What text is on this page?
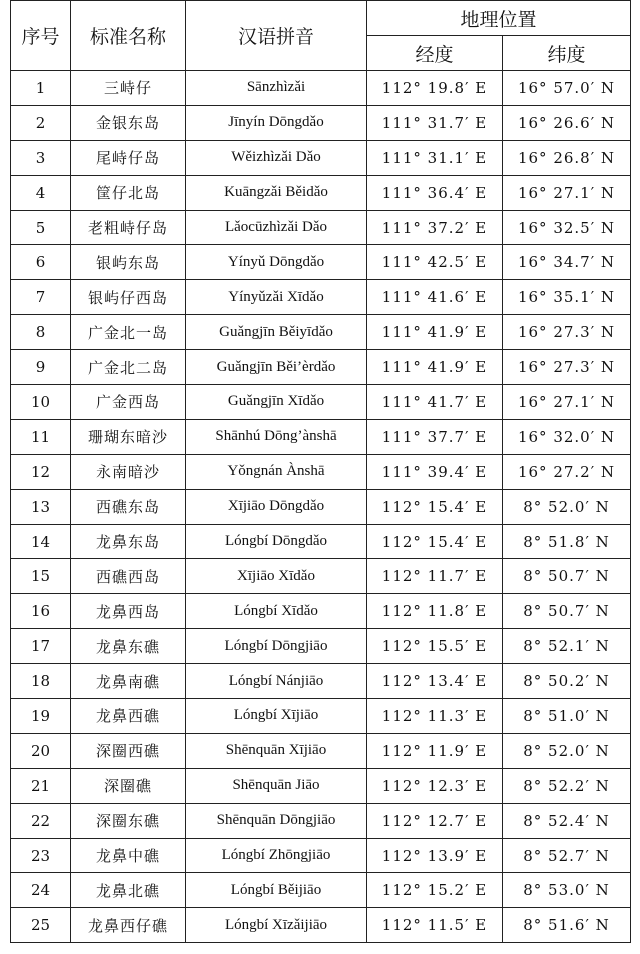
序号	标准名称	汉语拼音	地理位置	
			经度	纬度
1	三峙仔	Sānzhìzǎi	112° 19.8′ E	16° 57.0′ N
2	金银东岛	Jīnyín Dōngdǎo	111° 31.7′ E	16° 26.6′ N
3	尾峙仔岛	Wěizhìzǎi Dǎo	111° 31.1′ E	16° 26.8′ N
4	筐仔北岛	Kuāngzǎi Běidǎo	111° 36.4′ E	16° 27.1′ N
5	老粗峙仔岛	Lǎocūzhìzǎi Dǎo	111° 37.2′ E	16° 32.5′ N
6	银屿东岛	Yínyǔ Dōngdǎo	111° 42.5′ E	16° 34.7′ N
7	银屿仔西岛	Yínyǔzǎi Xīdǎo	111° 41.6′ E	16° 35.1′ N
8	广金北一岛	Guǎngjīn Běiyīdǎo	111° 41.9′ E	16° 27.3′ N
9	广金北二岛	Guǎngjīn Běi’èrdǎo	111° 41.9′ E	16° 27.3′ N
10	广金西岛	Guǎngjīn Xīdǎo	111° 41.7′ E	16° 27.1′ N
11	珊瑚东暗沙	Shānhú Dōng’ànshā	111° 37.7′ E	16° 32.0′ N
12	永南暗沙	Yǒngnán Ànshā	111° 39.4′ E	16° 27.2′ N
13	西礁东岛	Xījiāo Dōngdǎo	112° 15.4′ E	8° 52.0′ N
14	龙鼻东岛	Lóngbí Dōngdǎo	112° 15.4′ E	8° 51.8′ N
15	西礁西岛	Xījiāo Xīdǎo	112° 11.7′ E	8° 50.7′ N
16	龙鼻西岛	Lóngbí Xīdǎo	112° 11.8′ E	8° 50.7′ N
17	龙鼻东礁	Lóngbí Dōngjiāo	112° 15.5′ E	8° 52.1′ N
18	龙鼻南礁	Lóngbí Nánjiāo	112° 13.4′ E	8° 50.2′ N
19	龙鼻西礁	Lóngbí Xījiāo	112° 11.3′ E	8° 51.0′ N
20	深圈西礁	Shēnquān Xījiāo	112° 11.9′ E	8° 52.0′ N
21	深圈礁	Shēnquān Jiāo	112° 12.3′ E	8° 52.2′ N
22	深圈东礁	Shēnquān Dōngjiāo	112° 12.7′ E	8° 52.4′ N
23	龙鼻中礁	Lóngbí Zhōngjiāo	112° 13.9′ E	8° 52.7′ N
24	龙鼻北礁	Lóngbí Běijiāo	112° 15.2′ E	8° 53.0′ N
25	龙鼻西仔礁	Lóngbí Xīzǎijiāo	112° 11.5′ E	8° 51.6′ N
